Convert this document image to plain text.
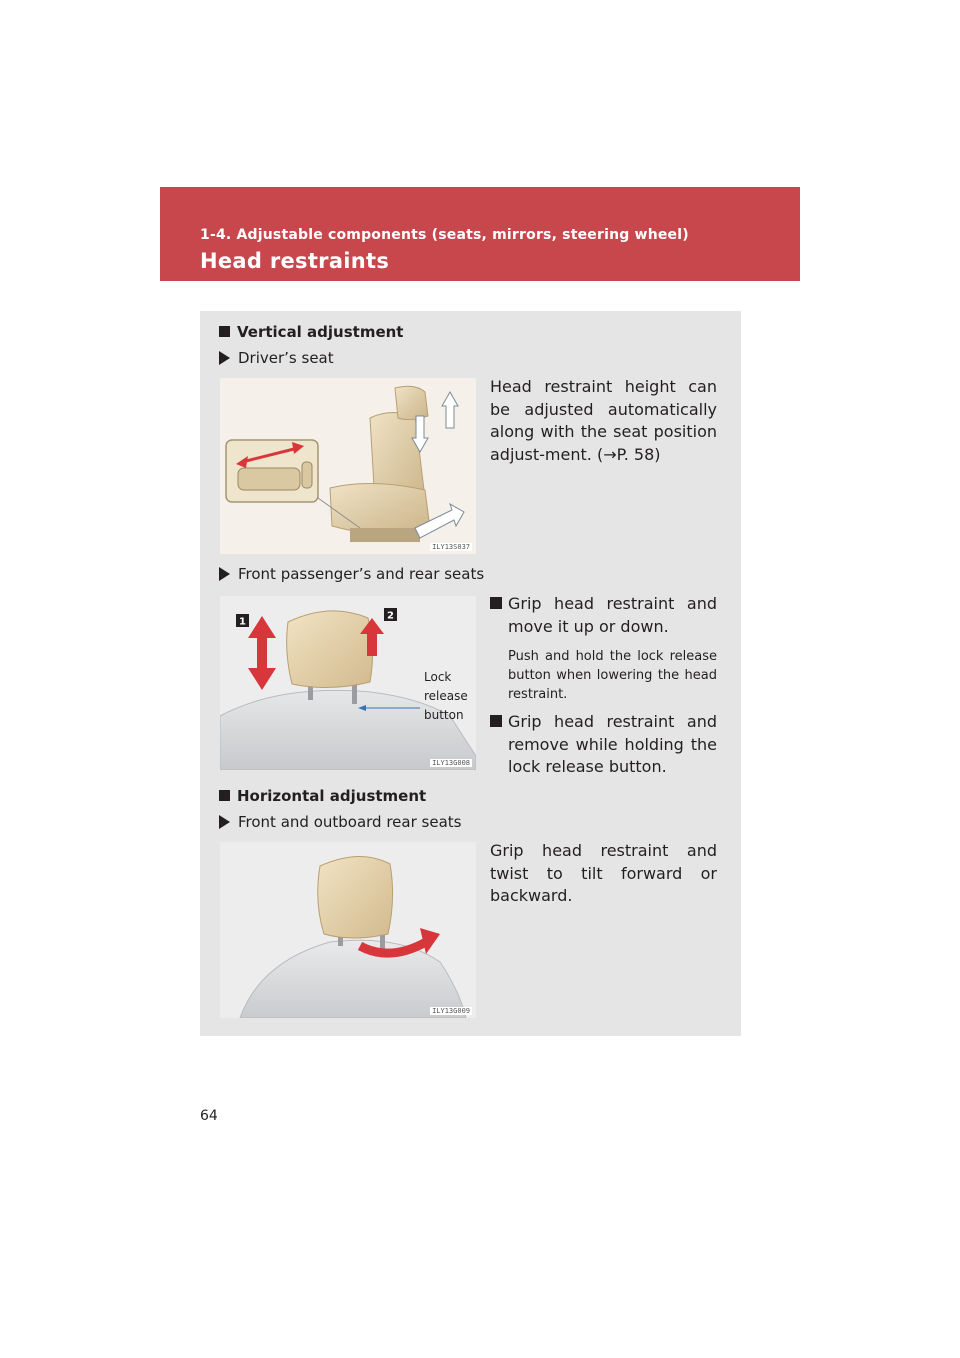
1-4. Adjustable components (seats, mirrors, steering wheel)
Head restraints
Vertical adjustment
Driver’s seat
Head restraint height can be adjusted automatically along with the seat position adjust-ment. (→P. 58)
ILY13S037
Front passenger’s and rear seats
1
2
ILY13G008
Lock
release
button
Grip head restraint and move it up or down.
Push and hold the lock release button when lowering the head restraint.
Grip head restraint and remove while holding the lock release button.
Horizontal adjustment
Front and outboard rear seats
Grip head restraint and twist to tilt forward or backward.
ILY13G009
64
